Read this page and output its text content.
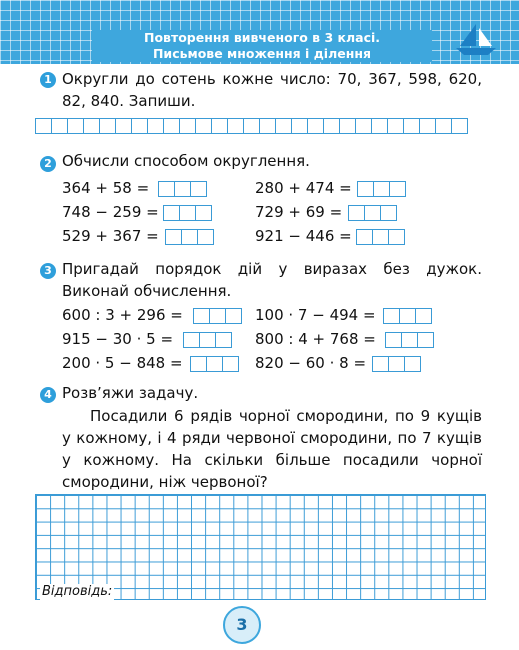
Повторення вивченого в 3 класі.
Письмове множення і ділення
1 Округли до сотень кожне число: 70, 367, 598, 620, 82, 840. Запиши.
2 Обчисли способом округлення.
364 + 58 =
748 − 259 =
529 + 367 =
280 + 474 =
729 + 69 =
921 − 446 =
3 Пригадай порядок дій у виразах без дужок. Виконай обчислення.
600 : 3 + 296 =
915 − 30 · 5 =
200 · 5 − 848 =
100 · 7 − 494 =
800 : 4 + 768 =
820 − 60 · 8 =
4 Розв’яжи задачу.
Посадили 6 рядів чорної смородини, по 9 кущів у кожному, і 4 ряди червоної смородини, по 7 кущів у кожному. На скільки більше посадили чорної смородини, ніж червоної?
Відповідь:
3
